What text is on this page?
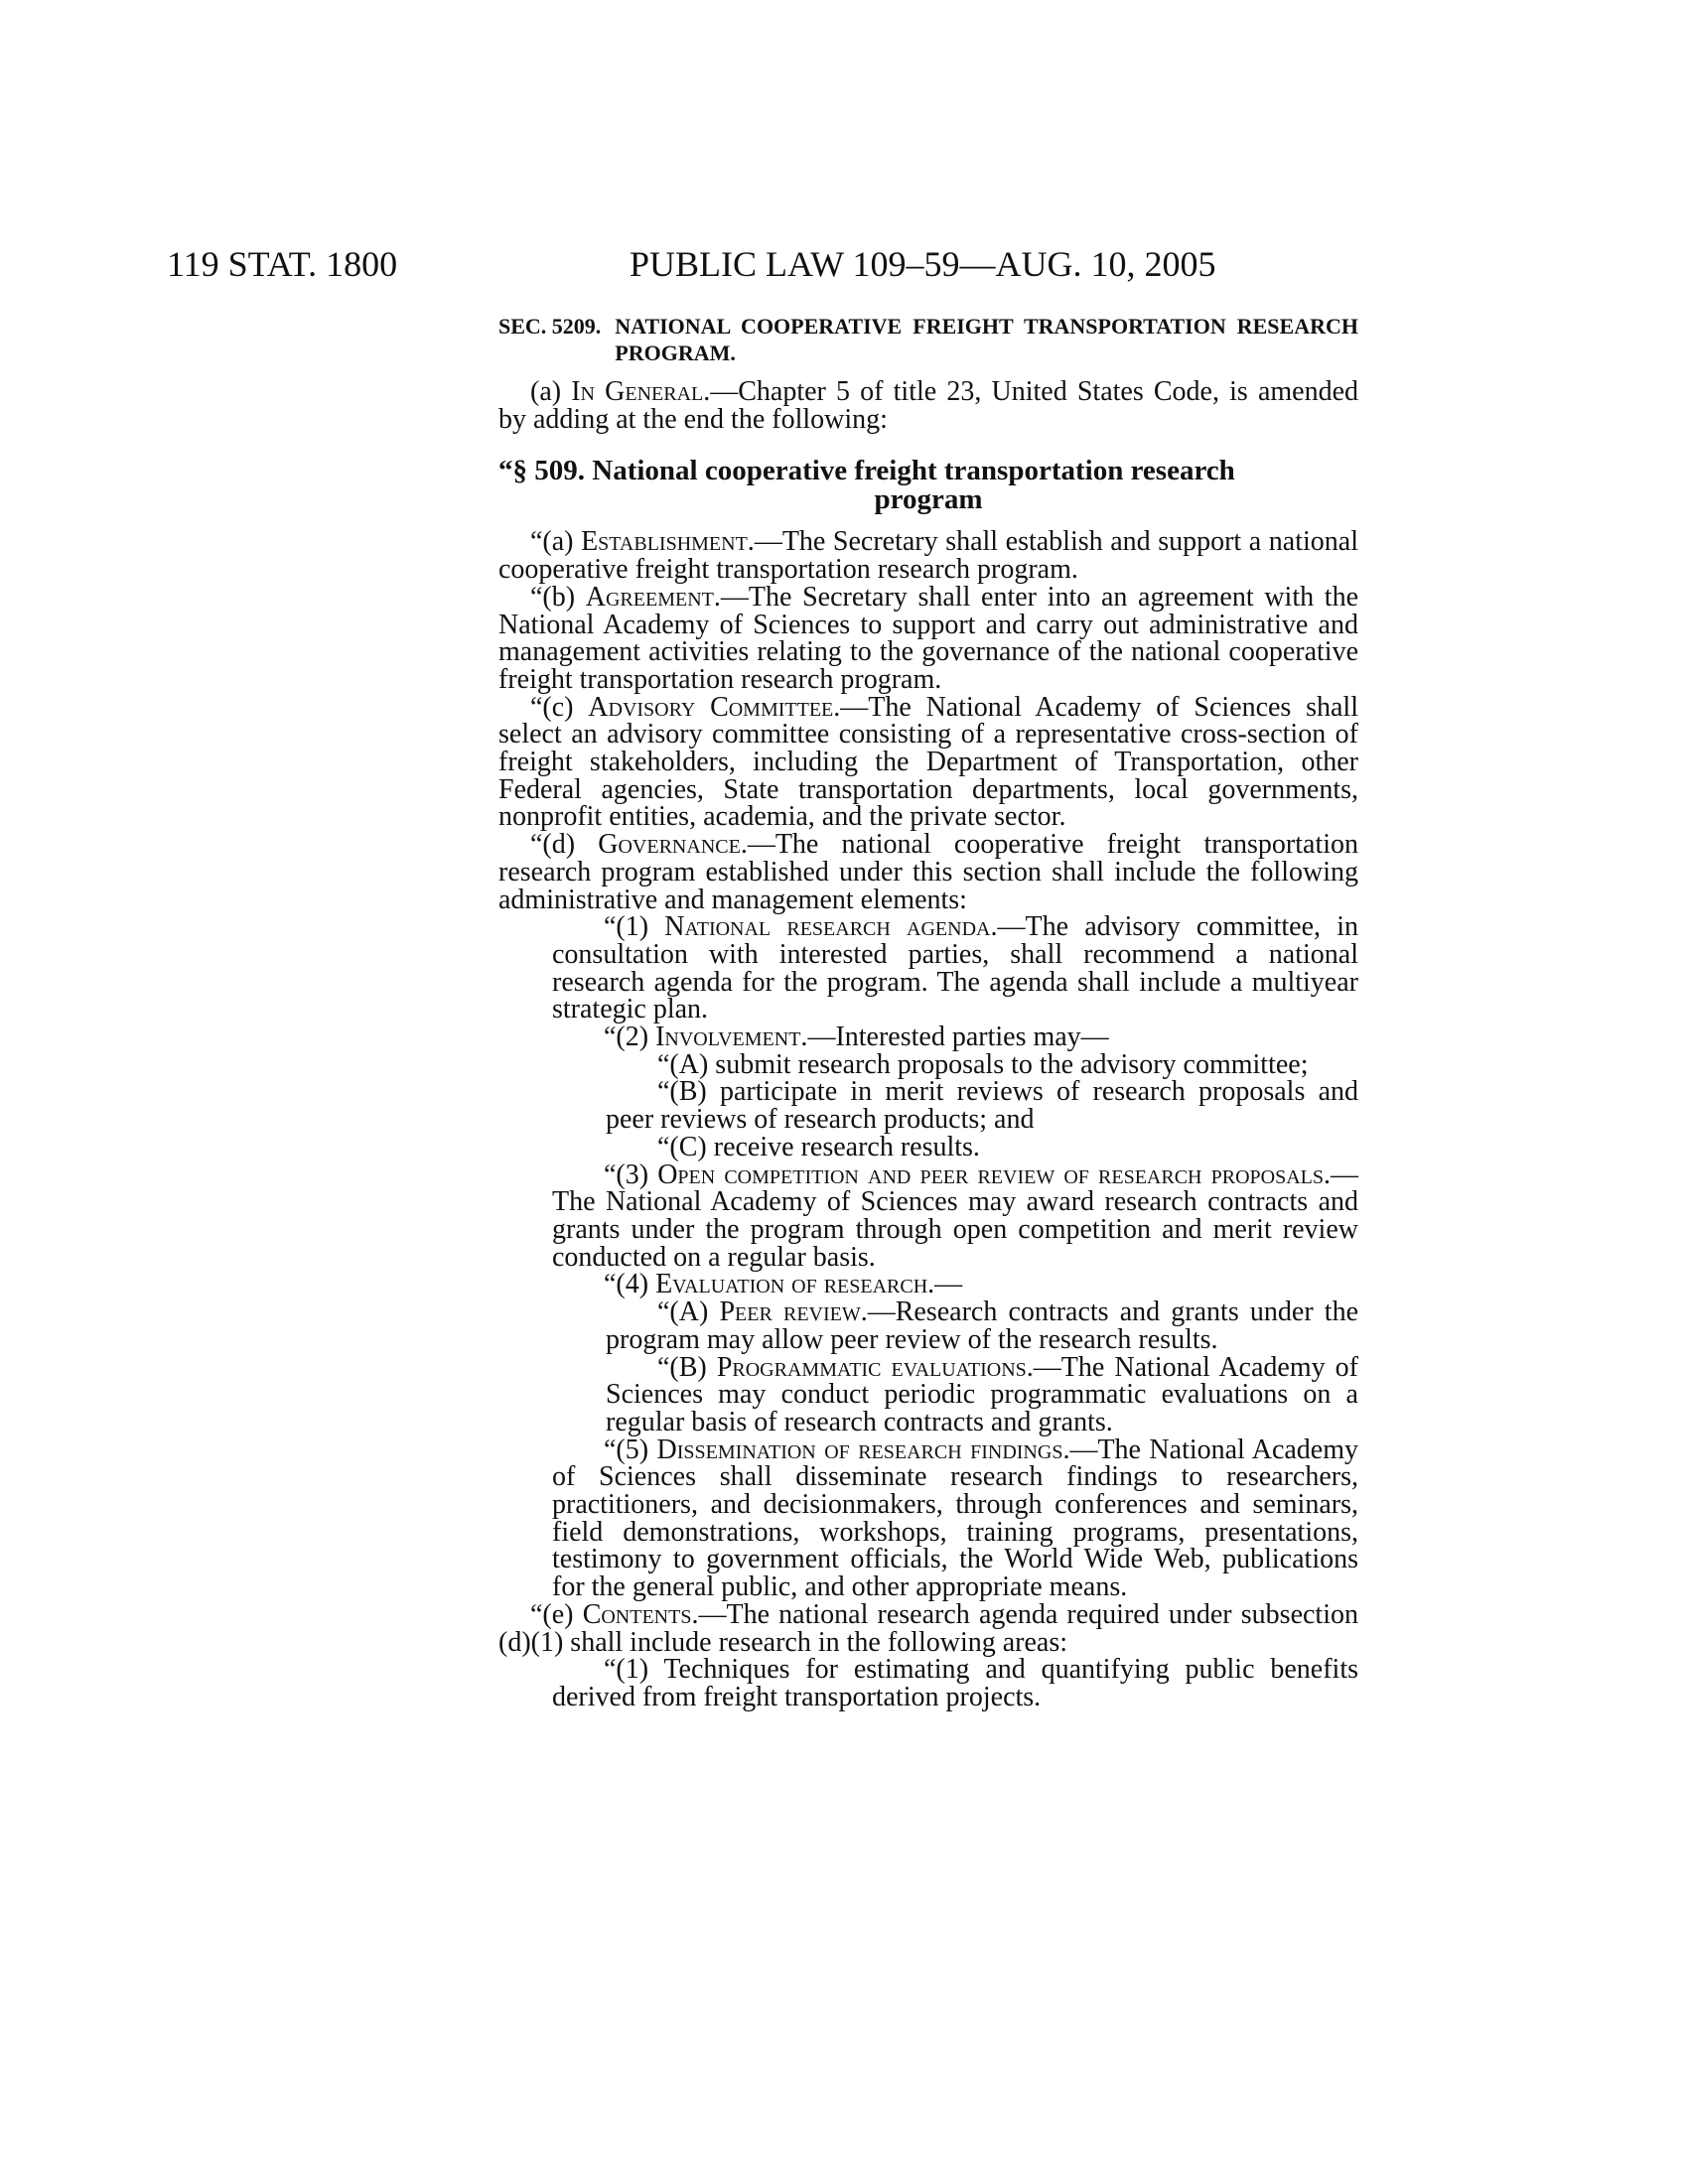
119 STAT. 1800	PUBLIC LAW 109–59—AUG. 10, 2005
SEC. 5209. NATIONAL COOPERATIVE FREIGHT TRANSPORTATION RESEARCH PROGRAM.

(a) In General.—Chapter 5 of title 23, United States Code, is amended by adding at the end the following:

“§ 509. National cooperative freight transportation research
program

“(a) Establishment.—The Secretary shall establish and support a national cooperative freight transportation research program.

“(b) Agreement.—The Secretary shall enter into an agreement with the National Academy of Sciences to support and carry out administrative and management activities relating to the governance of the national cooperative freight transportation research program.

“(c) Advisory Committee.—The National Academy of Sciences shall select an advisory committee consisting of a representative cross-section of freight stakeholders, including the Department of Transportation, other Federal agencies, State transportation departments, local governments, nonprofit entities, academia, and the private sector.

“(d) Governance.—The national cooperative freight transportation research program established under this section shall include the following administrative and management elements:

“(1) National research agenda.—The advisory committee, in consultation with interested parties, shall recommend a national research agenda for the program. The agenda shall include a multiyear strategic plan.

“(2) Involvement.—Interested parties may—

“(A) submit research proposals to the advisory committee;

“(B) participate in merit reviews of research proposals and peer reviews of research products; and

“(C) receive research results.

“(3) Open competition and peer review of research proposals.—The National Academy of Sciences may award research contracts and grants under the program through open competition and merit review conducted on a regular basis.

“(4) Evaluation of research.—

“(A) Peer review.—Research contracts and grants under the program may allow peer review of the research results.

“(B) Programmatic evaluations.—The National Academy of Sciences may conduct periodic programmatic evaluations on a regular basis of research contracts and grants.

“(5) Dissemination of research findings.—The National Academy of Sciences shall disseminate research findings to researchers, practitioners, and decisionmakers, through conferences and seminars, field demonstrations, workshops, training programs, presentations, testimony to government officials, the World Wide Web, publications for the general public, and other appropriate means.

“(e) Contents.—The national research agenda required under subsection (d)(1) shall include research in the following areas:

“(1) Techniques for estimating and quantifying public benefits derived from freight transportation projects.
